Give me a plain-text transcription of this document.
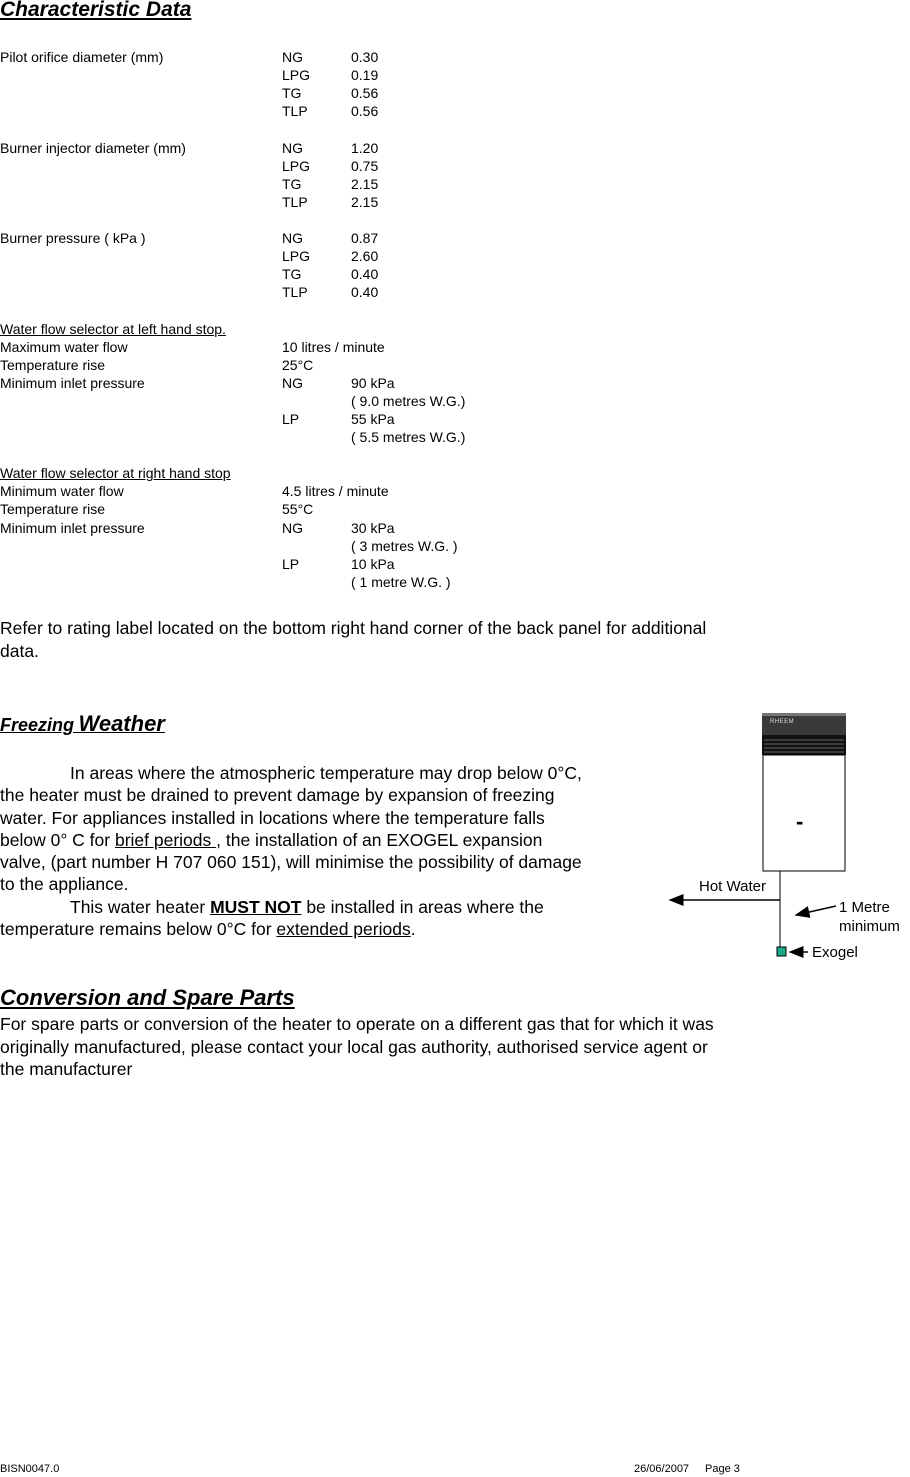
Characteristic Data
Pilot orifice diameter (mm)	NG	0.30
LPG	0.19
TG	0.56
TLP	0.56
Burner injector diameter (mm)	NG	1.20
LPG	0.75
TG	2.15
TLP	2.15
Burner pressure ( kPa )	NG	0.87
LPG	2.60
TG	0.40
TLP	0.40
Water flow selector at left hand stop.
Maximum water flow	10 litres / minute
Temperature rise	25°C
Minimum inlet pressure	NG	90 kPa
( 9.0 metres W.G.)
LP	55 kPa
( 5.5 metres W.G.)
Water flow selector at right hand stop
Minimum water flow	4.5 litres / minute
Temperature rise	55°C
Minimum inlet pressure	NG	30 kPa
( 3 metres W.G. )
LP	10 kPa
( 1 metre W.G. )
Refer to rating label located on the bottom right hand corner of the back panel for additional
data.
Freezing Weather

In areas where the atmospheric temperature may drop below 0°C,

the heater must be drained to prevent damage by expansion of freezing

water. For appliances installed in locations where the temperature falls

below 0° C for brief periods , the installation of an EXOGEL expansion

valve, (part number H 707 060 151), will minimise the possibility of damage

to the appliance.

This water heater MUST NOT be installed in areas where the

temperature remains below 0°C for extended periods.

RHEEM
-
Hot Water
1 Metre
minimum
Exogel
Conversion and Spare Parts
For spare parts or conversion of the heater to operate on a different gas that for which it was
originally manufactured, please contact your local gas authority, authorised service agent or
the manufacturer
BISN0047.0	26/06/2007 Page 3
